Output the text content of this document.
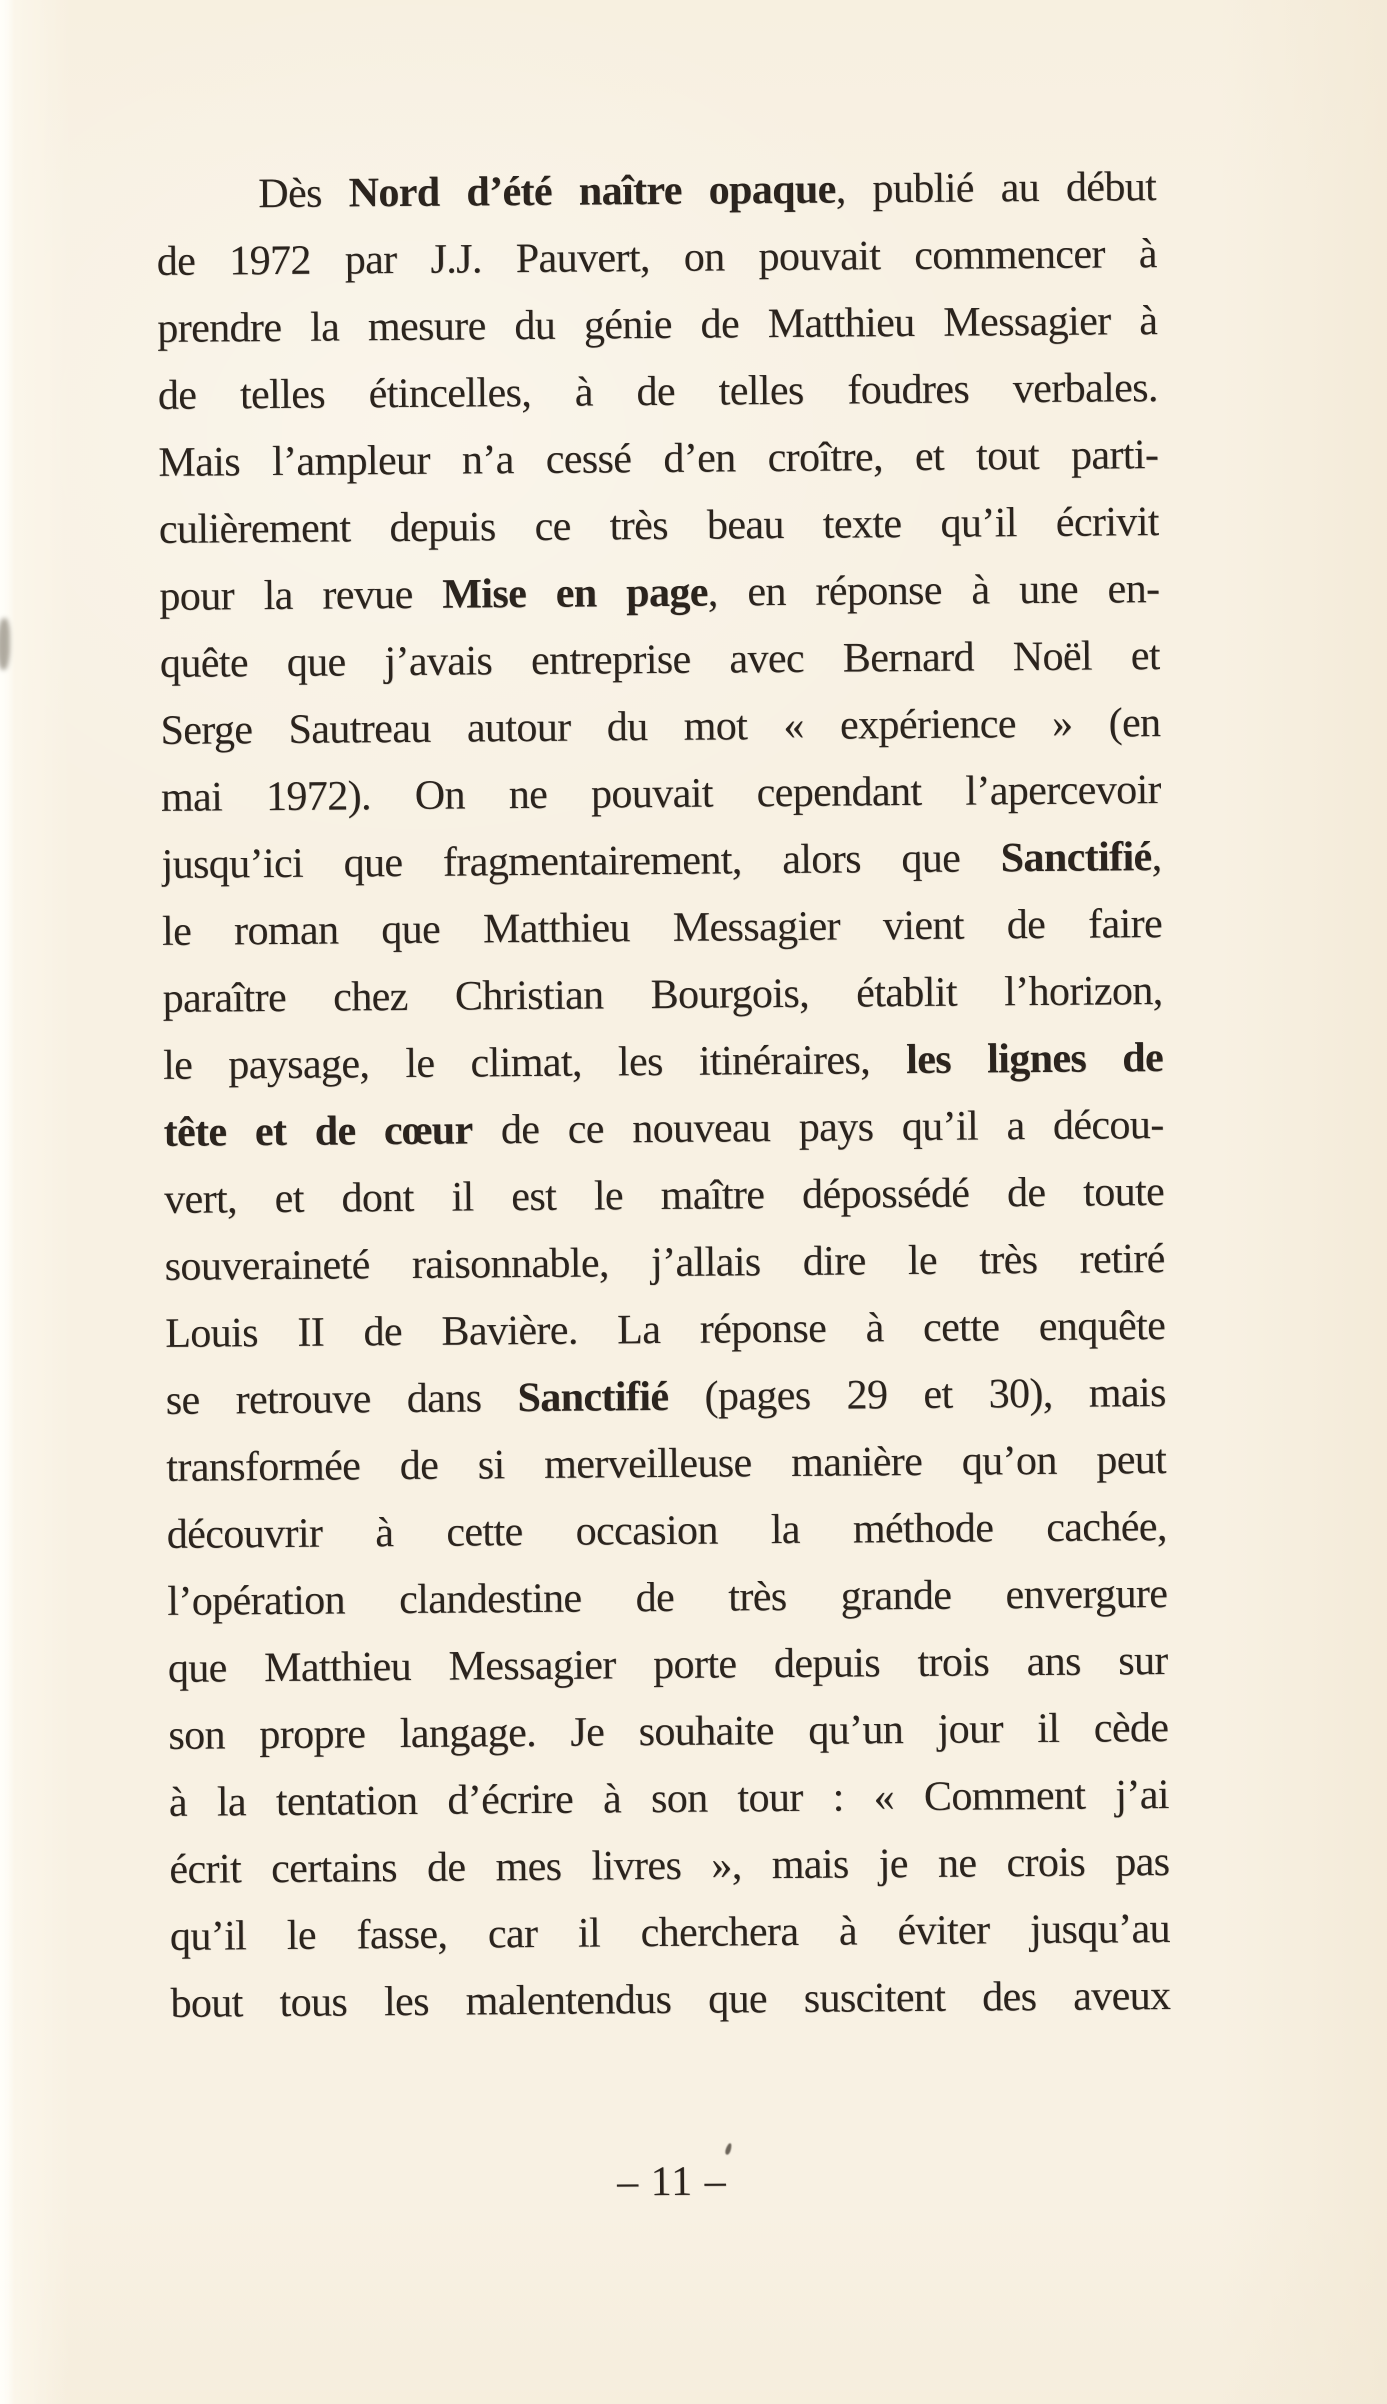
Dès Nord d’été naître opaque, publié au début
de 1972 par J.J. Pauvert, on pouvait commencer à
prendre la mesure du génie de Matthieu Messagier à
de telles étincelles, à de telles foudres verbales.
Mais l’ampleur n’a cessé d’en croître, et tout parti-
culièrement depuis ce très beau texte qu’il écrivit
pour la revue Mise en page, en réponse à une en-
quête que j’avais entreprise avec Bernard Noël et
Serge Sautreau autour du mot « expérience » (en
mai 1972). On ne pouvait cependant l’apercevoir
jusqu’ici que fragmentairement, alors que Sanctifié,
le roman que Matthieu Messagier vient de faire
paraître chez Christian Bourgois, établit l’horizon,
le paysage, le climat, les itinéraires, les lignes de
tête et de cœur de ce nouveau pays qu’il a décou-
vert, et dont il est le maître dépossédé de toute
souveraineté raisonnable, j’allais dire le très retiré
Louis II de Bavière. La réponse à cette enquête
se retrouve dans Sanctifié (pages 29 et 30), mais
transformée de si merveilleuse manière qu’on peut
découvrir à cette occasion la méthode cachée,
l’opération clandestine de très grande envergure
que Matthieu Messagier porte depuis trois ans sur
son propre langage. Je souhaite qu’un jour il cède
à la tentation d’écrire à son tour : « Comment j’ai
écrit certains de mes livres », mais je ne crois pas
qu’il le fasse, car il cherchera à éviter jusqu’au
bout tous les malentendus que suscitent des aveux
– 11 –
